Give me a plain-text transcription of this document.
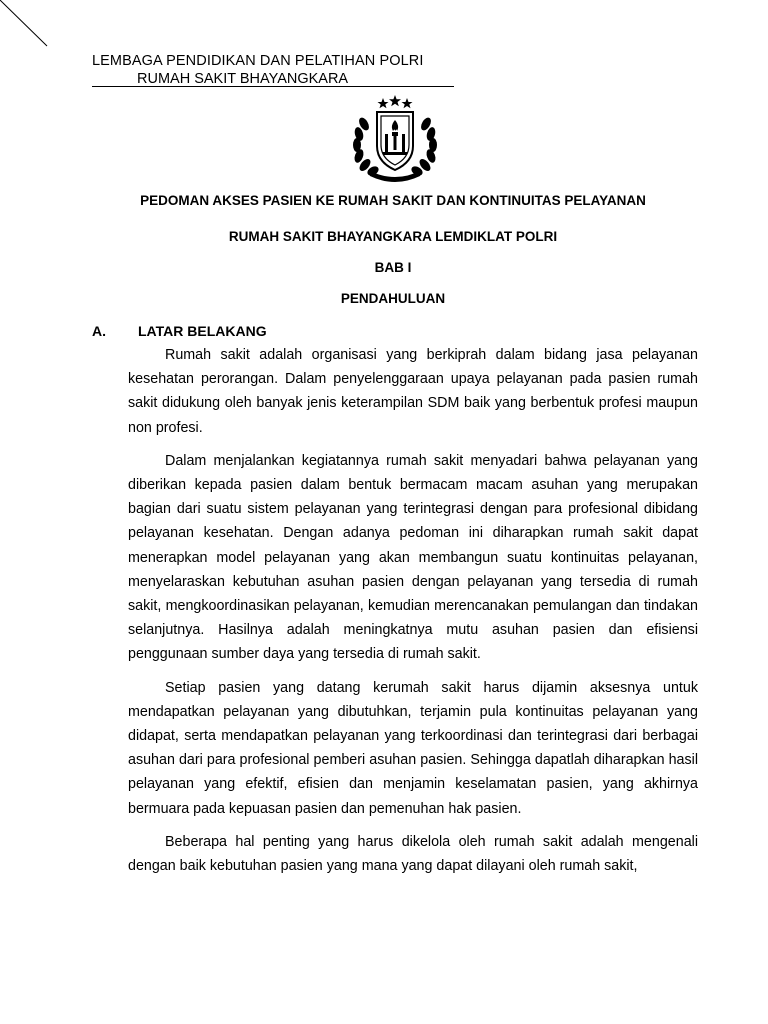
LEMBAGA PENDIDIKAN DAN PELATIHAN POLRI
RUMAH SAKIT BHAYANGKARA
PEDOMAN AKSES PASIEN KE RUMAH SAKIT DAN KONTINUITAS PELAYANAN
RUMAH SAKIT BHAYANGKARA LEMDIKLAT POLRI
BAB I
PENDAHULUAN
A. LATAR BELAKANG

Rumah sakit adalah organisasi yang berkiprah dalam bidang jasa pelayanan kesehatan perorangan. Dalam penyelenggaraan upaya pelayanan pada pasien rumah sakit didukung oleh banyak jenis keterampilan SDM baik yang berbentuk profesi maupun non profesi.

Dalam menjalankan kegiatannya rumah sakit menyadari bahwa pelayanan yang diberikan kepada pasien dalam bentuk bermacam macam asuhan yang merupakan bagian dari suatu sistem pelayanan yang terintegrasi dengan para profesional dibidang pelayanan kesehatan. Dengan adanya pedoman ini diharapkan rumah sakit dapat menerapkan model pelayanan yang akan membangun suatu kontinuitas pelayanan, menyelaraskan kebutuhan asuhan pasien dengan pelayanan yang tersedia di rumah sakit, mengkoordinasikan pelayanan, kemudian merencanakan pemulangan dan tindakan selanjutnya. Hasilnya adalah meningkatnya mutu asuhan pasien dan efisiensi penggunaan sumber daya yang tersedia di rumah sakit.

Setiap pasien yang datang kerumah sakit harus dijamin aksesnya untuk mendapatkan pelayanan yang dibutuhkan, terjamin pula kontinuitas pelayanan yang didapat, serta mendapatkan pelayanan yang terkoordinasi dan terintegrasi dari berbagai asuhan dari para profesional pemberi asuhan pasien. Sehingga dapatlah diharapkan hasil pelayanan yang efektif, efisien dan menjamin keselamatan pasien, yang akhirnya bermuara pada kepuasan pasien dan pemenuhan hak pasien.

Beberapa hal penting yang harus dikelola oleh rumah sakit adalah mengenali dengan baik kebutuhan pasien yang mana yang dapat dilayani oleh rumah sakit,
